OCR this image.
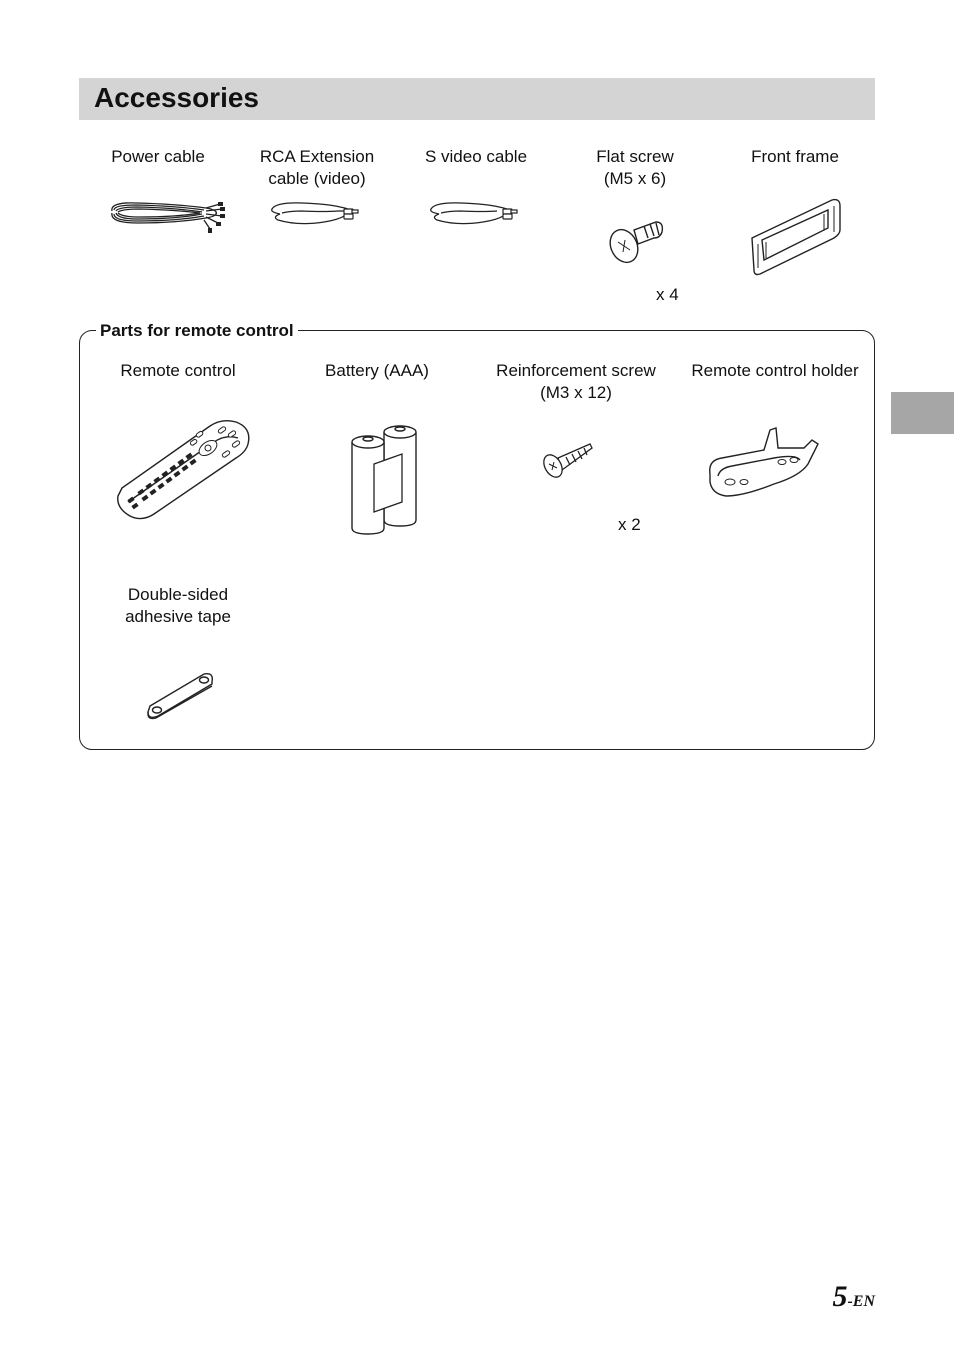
Accessories
Power cable	RCA Extension
cable (video)
S video cable	Flat screw
(M5 x 6)
Front frame
x 4
Parts for remote control
Remote control	Battery (AAA)	Reinforcement screw
(M3 x 12)
Remote control holder
x 2
Double-sided
adhesive tape
5-EN
